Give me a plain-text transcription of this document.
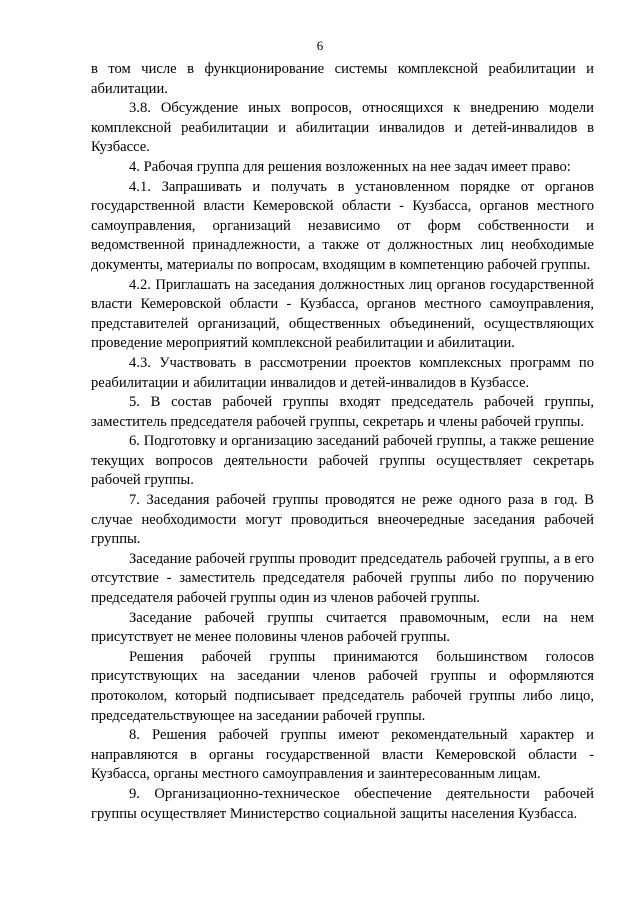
6

в том числе в функционирование системы комплексной реабилитации и абилитации.

3.8. Обсуждение иных вопросов, относящихся к внедрению модели комплексной реабилитации и абилитации инвалидов и детей-инвалидов в Кузбассе.

4. Рабочая группа для решения возложенных на нее задач имеет право:

4.1. Запрашивать и получать в установленном порядке от органов государственной власти Кемеровской области - Кузбасса, органов местного самоуправления, организаций независимо от форм собственности и ведомственной принадлежности, а также от должностных лиц необходимые документы, материалы по вопросам, входящим в компетенцию рабочей группы.

4.2. Приглашать на заседания должностных лиц органов государственной власти Кемеровской области - Кузбасса, органов местного самоуправления, представителей организаций, общественных объединений, осуществляющих проведение мероприятий комплексной реабилитации и абилитации.

4.3. Участвовать в рассмотрении проектов комплексных программ по реабилитации и абилитации инвалидов и детей-инвалидов в Кузбассе.

5. В состав рабочей группы входят председатель рабочей группы, заместитель председателя рабочей группы, секретарь и члены рабочей группы.

6. Подготовку и организацию заседаний рабочей группы, а также решение текущих вопросов деятельности рабочей группы осуществляет секретарь рабочей группы.

7. Заседания рабочей группы проводятся не реже одного раза в год. В случае необходимости могут проводиться внеочередные заседания рабочей группы.

Заседание рабочей группы проводит председатель рабочей группы, а в его отсутствие - заместитель председателя рабочей группы либо по поручению председателя рабочей группы один из членов рабочей группы.

Заседание рабочей группы считается правомочным, если на нем присутствует не менее половины членов рабочей группы.

Решения рабочей группы принимаются большинством голосов присутствующих на заседании членов рабочей группы и оформляются протоколом, который подписывает председатель рабочей группы либо лицо, председательствующее на заседании рабочей группы.

8. Решения рабочей группы имеют рекомендательный характер и направляются в органы государственной власти Кемеровской области - Кузбасса, органы местного самоуправления и заинтересованным лицам.

9. Организационно-техническое обеспечение деятельности рабочей группы осуществляет Министерство социальной защиты населения Кузбасса.
